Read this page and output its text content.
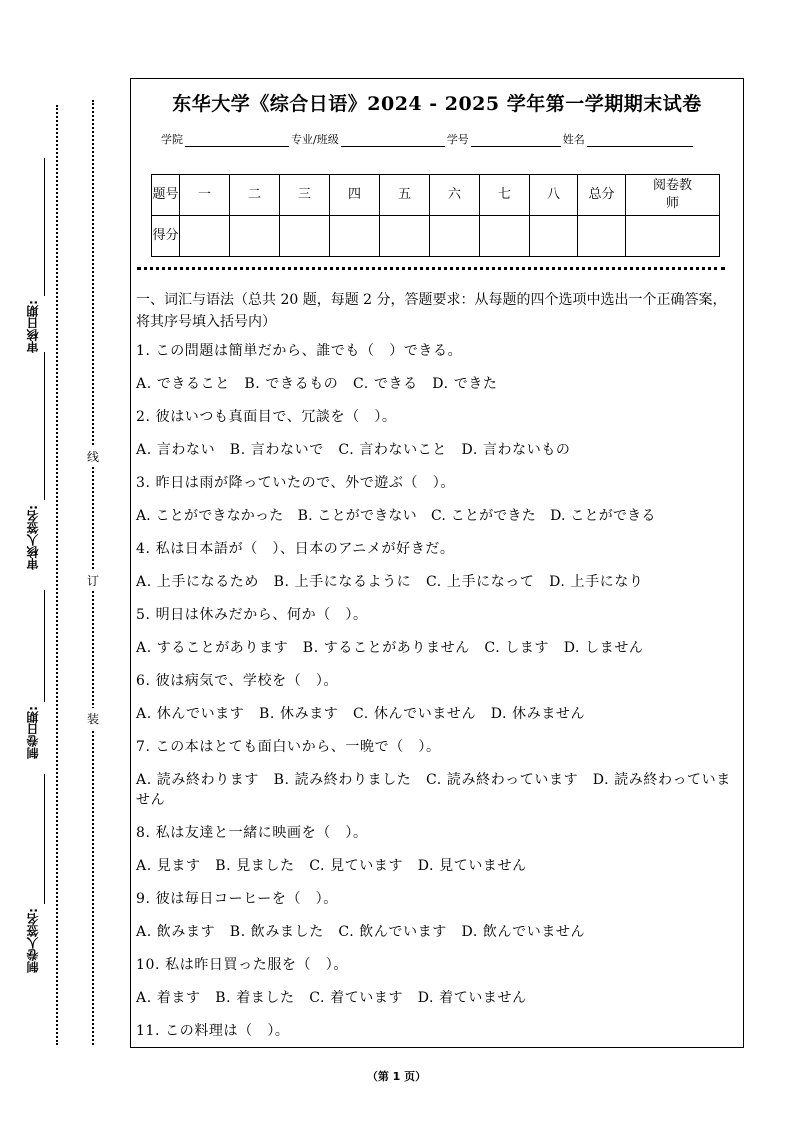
审核日期:
审核人签名:
制卷日期:
制卷人签名:
线
订
装
东华大学《综合日语》2024 - 2025 学年第一学期期末试卷
学院	专业/班级	学号	姓名
题号	一	二	三	四	五	六	七	八	总分	阅卷教师
得分										
一、词汇与语法（总共 20 题，每题 2 分，答题要求：从每题的四个选项中选出一个正确答案，将其序号填入括号内）
1. この問題は簡単だから、誰でも（　）できる。
A. できること　B. できるもの　C. できる　D. できた
2. 彼はいつも真面目で、冗談を（　）。
A. 言わない　B. 言わないで　C. 言わないこと　D. 言わないもの
3. 昨日は雨が降っていたので、外で遊ぶ（　）。
A. ことができなかった　B. ことができない　C. ことができた　D. ことができる
4. 私は日本語が（　）、日本のアニメが好きだ。
A. 上手になるため　B. 上手になるように　C. 上手になって　D. 上手になり
5. 明日は休みだから、何か（　）。
A. することがあります　B. することがありません　C. します　D. しません
6. 彼は病気で、学校を（　）。
A. 休んでいます　B. 休みます　C. 休んでいません　D. 休みません
7. この本はとても面白いから、一晩で（　）。
A. 読み終わります　B. 読み終わりました　C. 読み終わっています　D. 読み終わっていません
8. 私は友達と一緒に映画を（　）。
A. 見ます　B. 見ました　C. 見ています　D. 見ていません
9. 彼は毎日コーヒーを（　）。
A. 飲みます　B. 飲みました　C. 飲んでいます　D. 飲んでいません
10. 私は昨日買った服を（　）。
A. 着ます　B. 着ました　C. 着ています　D. 着ていません
11. この料理は（　）。
（第 1 页）
